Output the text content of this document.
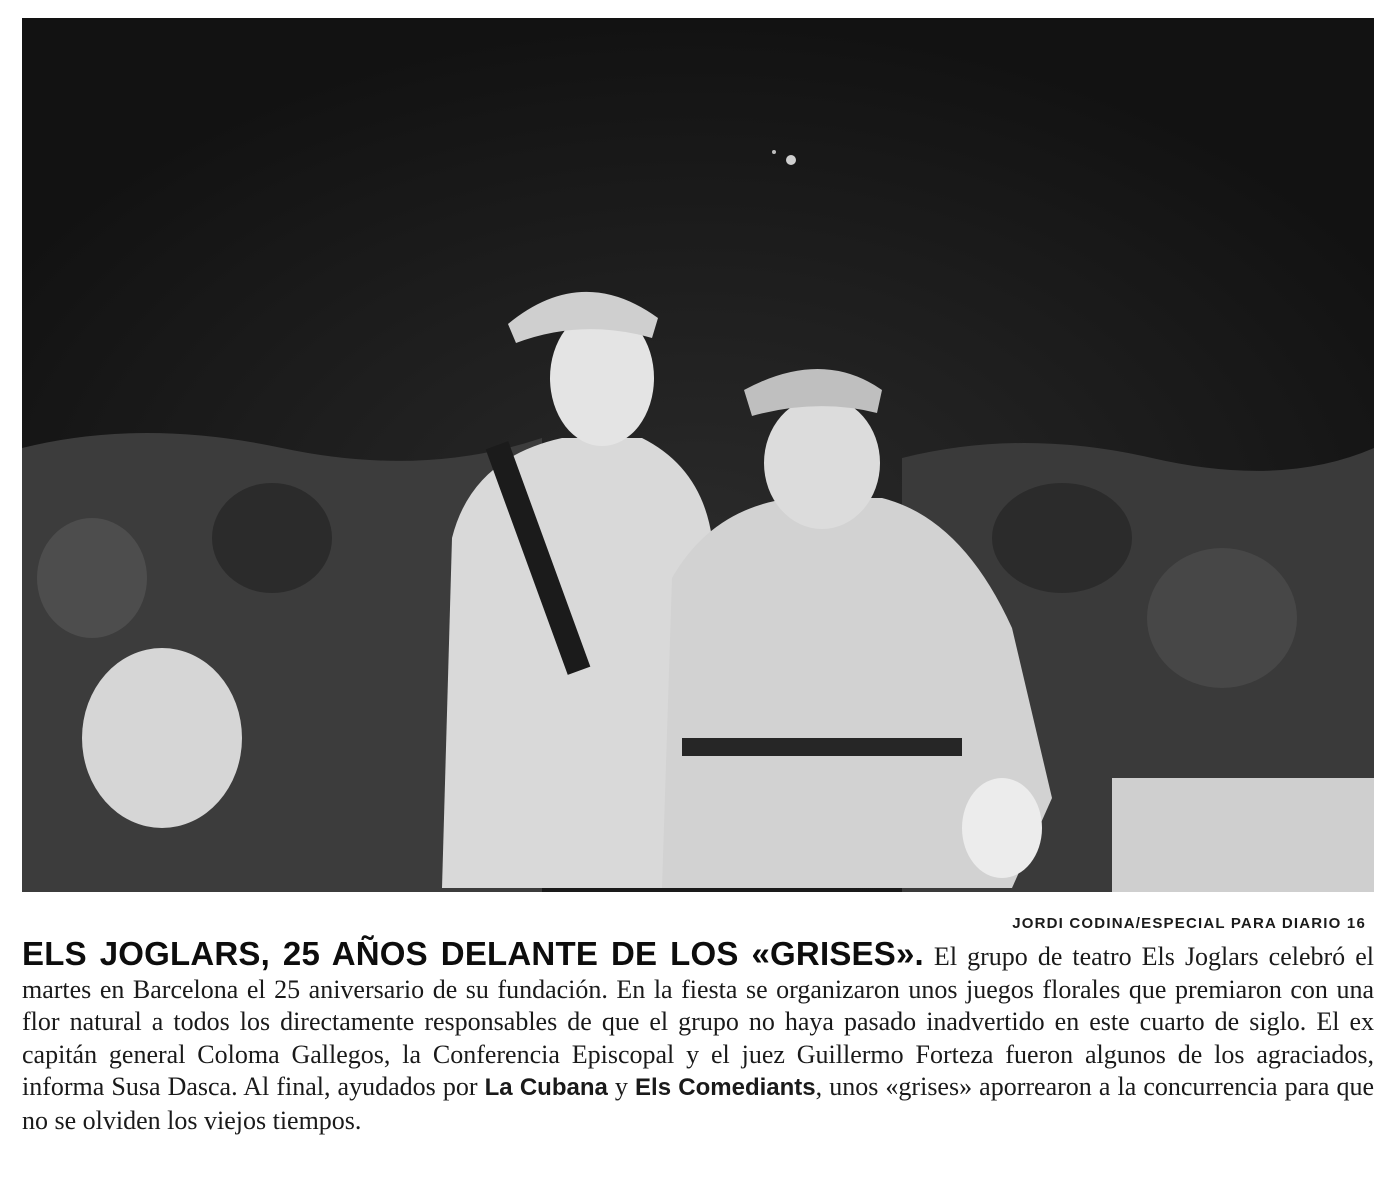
JORDI CODINA/ESPECIAL PARA DIARIO 16
ELS JOGLARS, 25 AÑOS DELANTE DE LOS «GRISES». El grupo de teatro Els Joglars celebró el martes en Barcelona el 25 aniversario de su fundación. En la fiesta se organizaron unos juegos florales que premiaron con una flor natural a todos los directamente responsables de que el grupo no haya pasado inadvertido en este cuarto de siglo. El ex capitán general Coloma Gallegos, la Conferencia Episcopal y el juez Guillermo Forteza fueron algunos de los agraciados, informa Susa Dasca. Al final, ayudados por La Cubana y Els Comediants, unos «grises» aporrearon a la concurrencia para que no se olviden los viejos tiempos.
